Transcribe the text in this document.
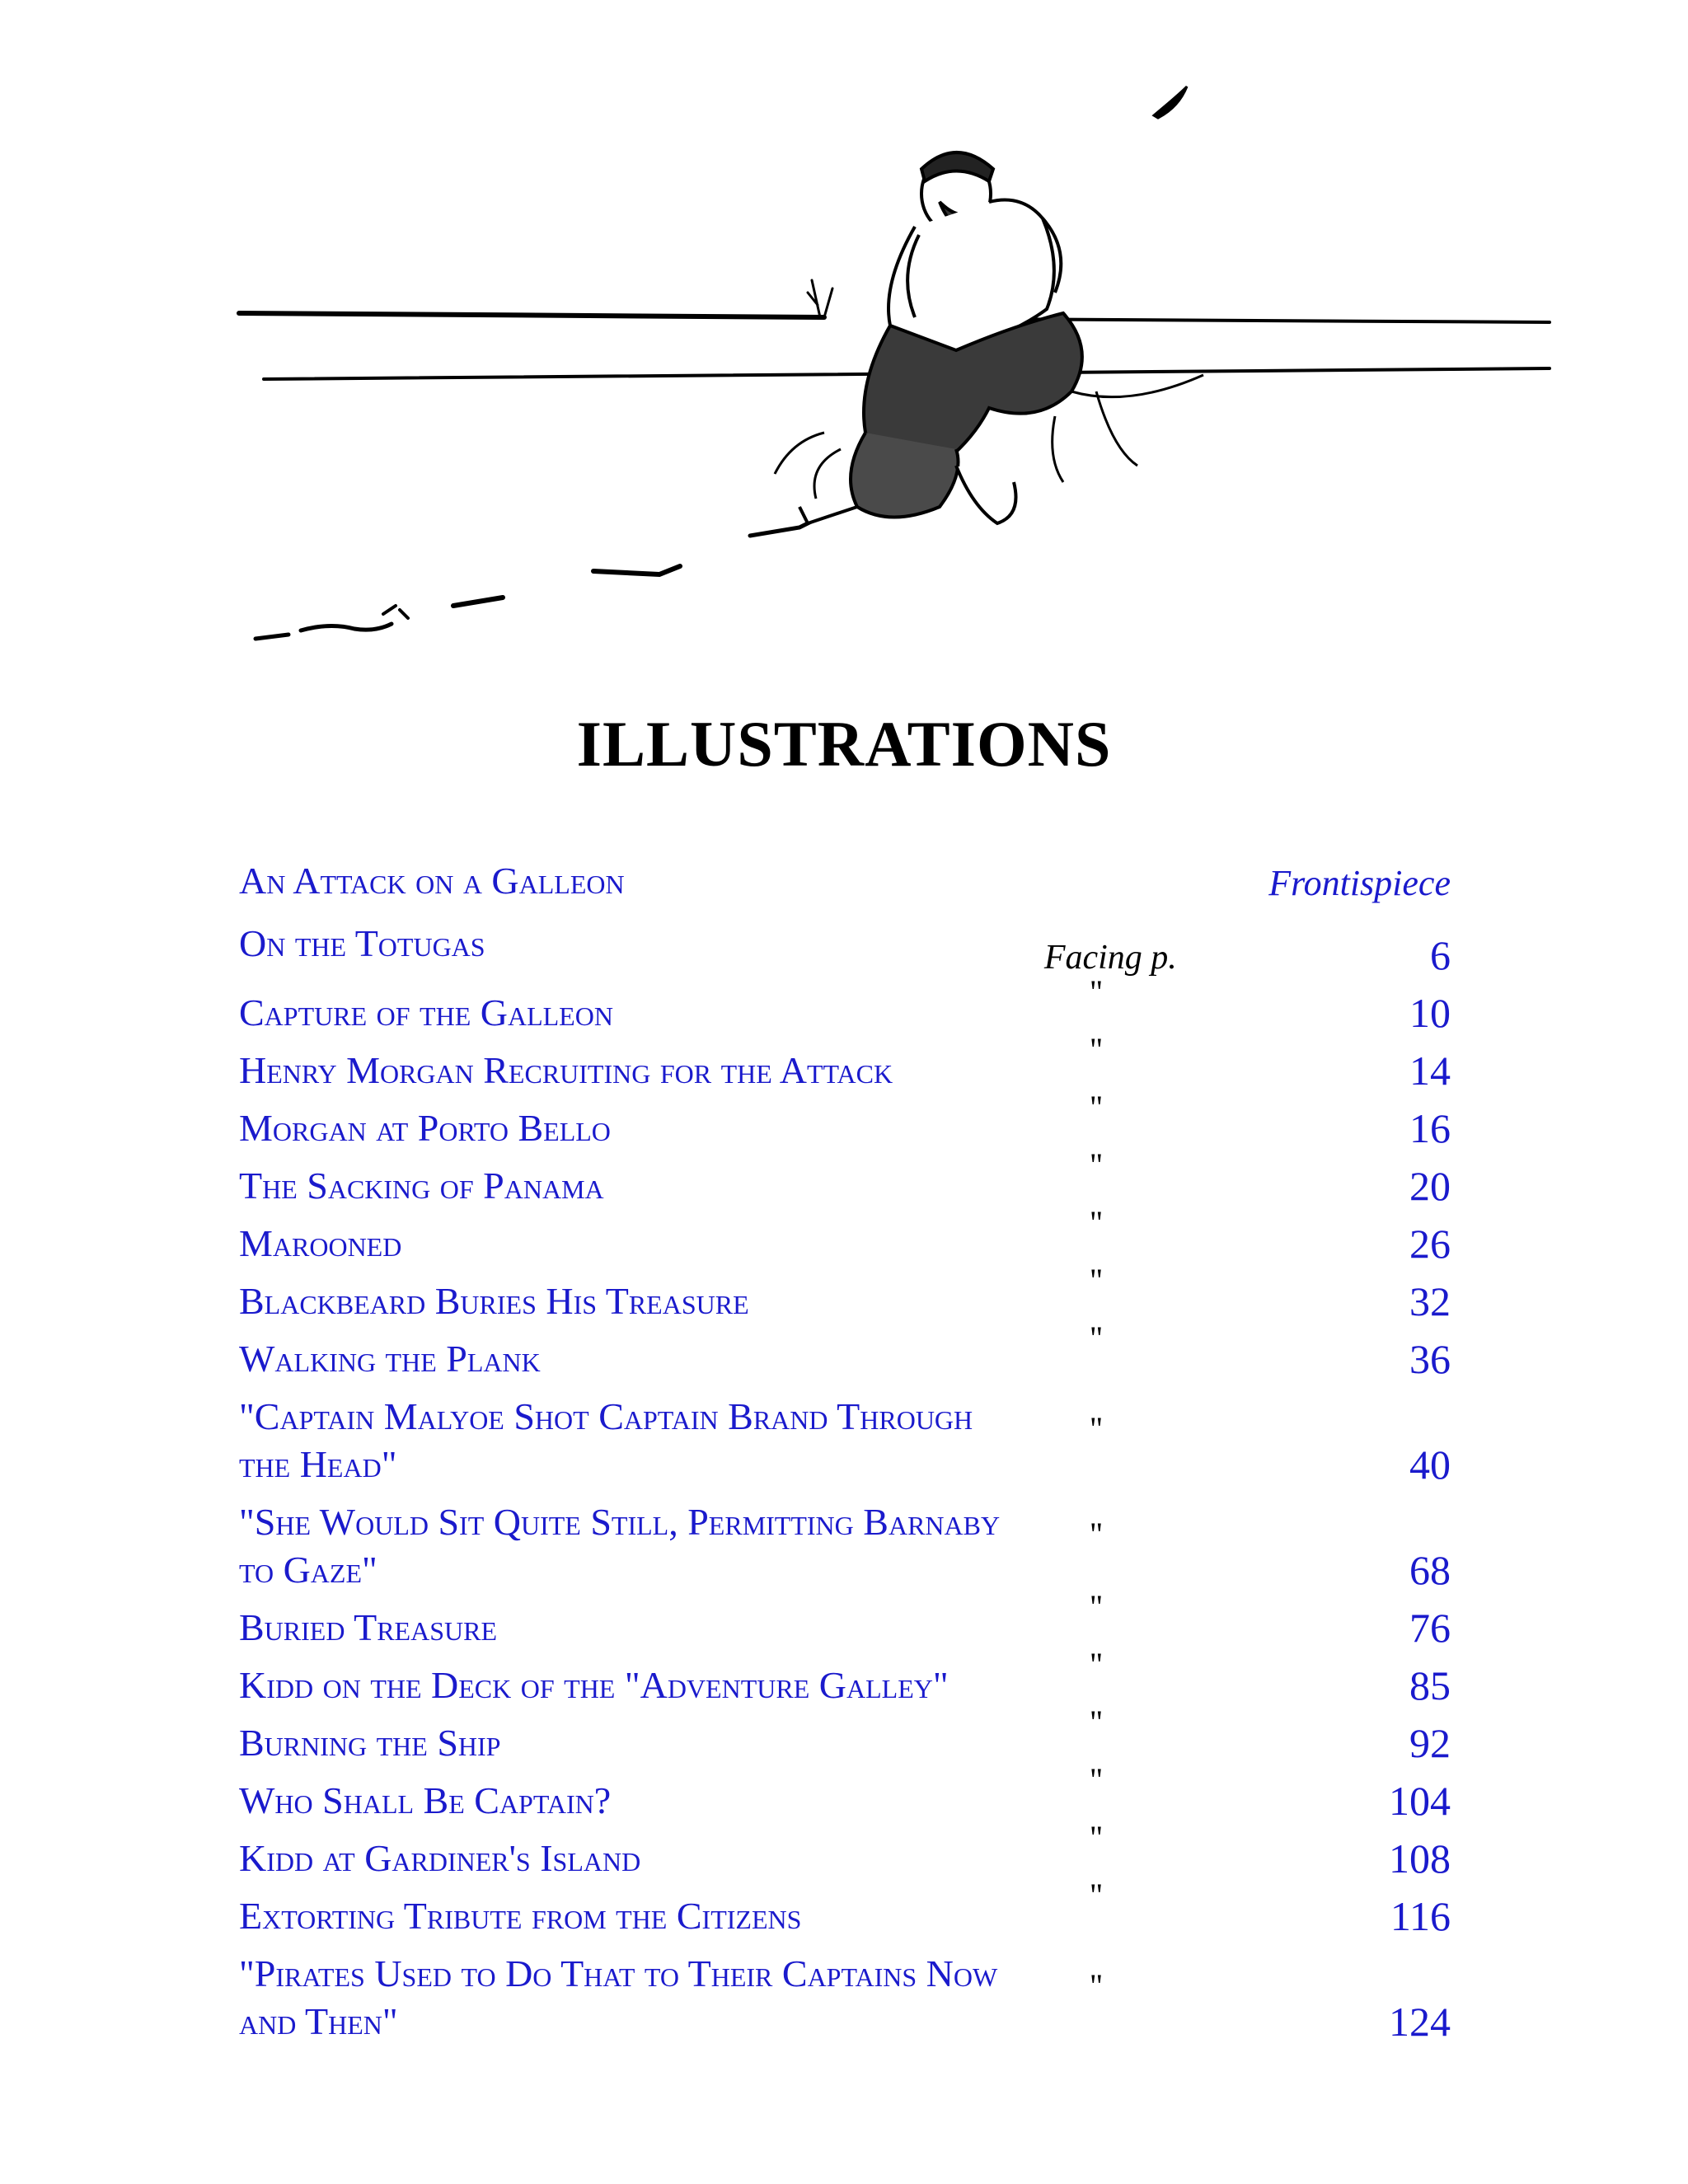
ILLUSTRATIONS
An Attack on a Galleon		Frontispiece
On the Totugas	Facing p.	6
Capture of the Galleon	"	10
Henry Morgan Recruiting for the Attack	"	14
Morgan at Porto Bello	"	16
The Sacking of Panama	"	20
Marooned	"	26
Blackbeard Buries His Treasure	"	32
Walking the Plank	"	36
"Captain Malyoe Shot Captain Brand Through the Head"	"	40
"She Would Sit Quite Still, Permitting Barnaby to Gaze"	"	68
Buried Treasure	"	76
Kidd on the Deck of the "Adventure Galley"	"	85
Burning the Ship	"	92
Who Shall Be Captain?	"	104
Kidd at Gardiner's Island	"	108
Extorting Tribute from the Citizens	"	116
"Pirates Used to Do That to Their Captains Now and Then"	"	124
